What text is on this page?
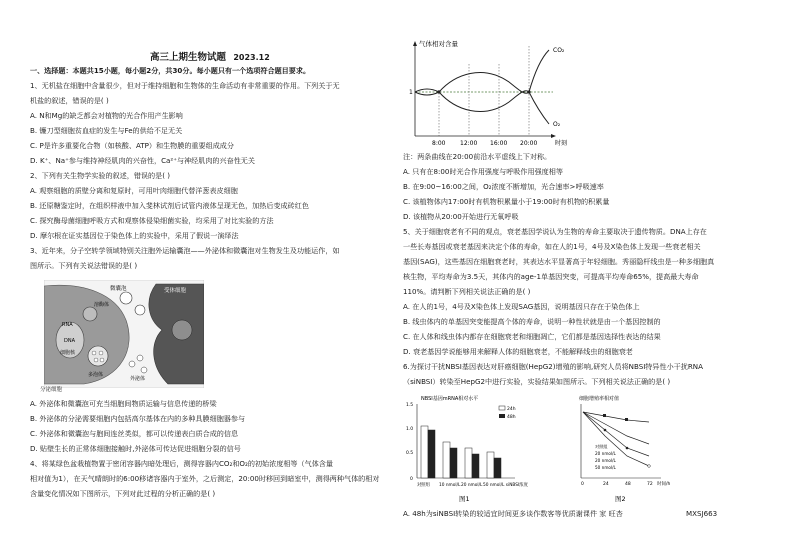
高三上期生物试题 2023.12
一、选择题：本题共15小题，每小题2分，共30分。每小题只有一个选项符合题目要求。
1、无机盐在细胞中含量很少，但对于维持细胞和生物体的生命活动有非常重要的作用。下列关于无
机盐的叙述，错误的是( )
A. N和Mg的缺乏都会对植物的光合作用产生影响
B. 镰刀型细胞贫血症的发生与Fe的供给不足无关
C. P是许多重要化合物（如核酸、ATP）和生物膜的重要组成成分
D. K⁺、Na⁺参与维持神经肌肉的兴奋性，Ca²⁺与神经肌肉的兴奋性无关
2、下列有关生物学实验的叙述，错误的是( )
A. 观察细胞的质壁分离和复原时，可用叶肉细胞代替洋葱表皮细胞
B. 还原糖鉴定时，在组织样液中加入斐林试剂后试管内液体呈现无色，加热后变成砖红色
C. 探究酶母菌细胞呼吸方式和观察体侵染细菌实验，均采用了对比实验的方法
D. 摩尔根在证实基因位于染色体上的实验中，采用了假说一演绎法
3、近年来，分子空转学领域特别关注胞外运输囊泡——外泌体和微囊泡对生物发生及功能运作，如
图所示。下列有关说法错误的是( )
微囊泡	受体细胞
溶酶体
RNA
DNA
细胞核
多泡体
外泌体
分泌细胞
A. 外泌体和微囊泡可充当细胞间物质运输与信息传递的桥梁
B. 外泌体的分泌需要细胞内包括高尔基体在内的多种具膜细胞器参与
C. 外泌体和微囊泡与胞间连丝类似，都可以传递表白质合成的信息
D. 贴壁生长的正常体细胞接触时,外泌体可传达促进细胞分裂的信号
4、将某绿色盆栽植物置于密闭容器内暗处理后，测得容器内CO₂和O₂的初始浓度相等（气体含量
相对值为1），在天气晴朗时的6:00移诸容器内于室外，之后测定，20:00时移回到暗室中，测得两种气体的相对
含量变化情况如下图所示，下列对此过程的分析正确的是( )
气体相对含量
1
CO₂
O₂
8:00 12:00 16:00 20:00	时刻
注：两条曲线在20:00前沿水平虚线上下对称。
A. 只有在8:00时光合作用强度与呼吸作用强度相等
B. 在9:00~16:00之间，O₂浓度不断增加，光合速率>呼吸速率
C. 该植物体内17:00时有机物积累量小于19:00时有机物的积累量
D. 该植物从20:00开始进行无氧呼吸
5、关于细胞衰老有不同的观点，衰老基因学说认为生物的寿命主要取决于遗传物质。DNA上存在
一些长寿基因或衰老基因来决定个体的寿命，如在人的1号，4号及X染色体上发现一些衰老相关
基因(SAG)，这些基因在细胞衰老时，其表达水平显著高于年轻细胞。秀丽隐杆线虫是一种多细胞真
核生物，平均寿命为3.5天，其体内的age-1单基因突变，可提高平均寿命65%，提高最大寿命
110%。请判断下列相关说法正确的是( )
A. 在人的1号，4号及X染色体上发现SAG基因，说明基因只存在于染色体上
B. 线虫体内的单基因突变能提高个体的寿命，说明一种性状就是由一个基因控制的
C. 在人体和线虫体内都存在细胞衰老和细胞凋亡，它们都是基因选择性表达的结果
D. 衰老基因学说能够用来解释人体的细胞衰老，不能解释线虫的细胞衰老
6.为探讨干扰NBSI基因表达对肝癌细胞(HepG2)增殖的影响,研究人员将NBSI特异性小干扰RNA
（siNBSI）转染至HepG2中进行实验，实验结果如图所示。下列相关说法正确的是( )
NBSI基因mRNA相对水平
1.5
1.0
0.5
0
24h
48h
对照组 10 nmol/L 20 nmol/L 50 nmol/L siNBSI浓度
图1
细胞增殖率相对值
对照组
20 nmol/L
20 nmol/L
50 nmol/L
0	24	48	72 时间/h
图2
A. 48h为siNBSI转染的较适宜时间更多谈作数客等优质谢课件 家 旺杏	MXSJ663
